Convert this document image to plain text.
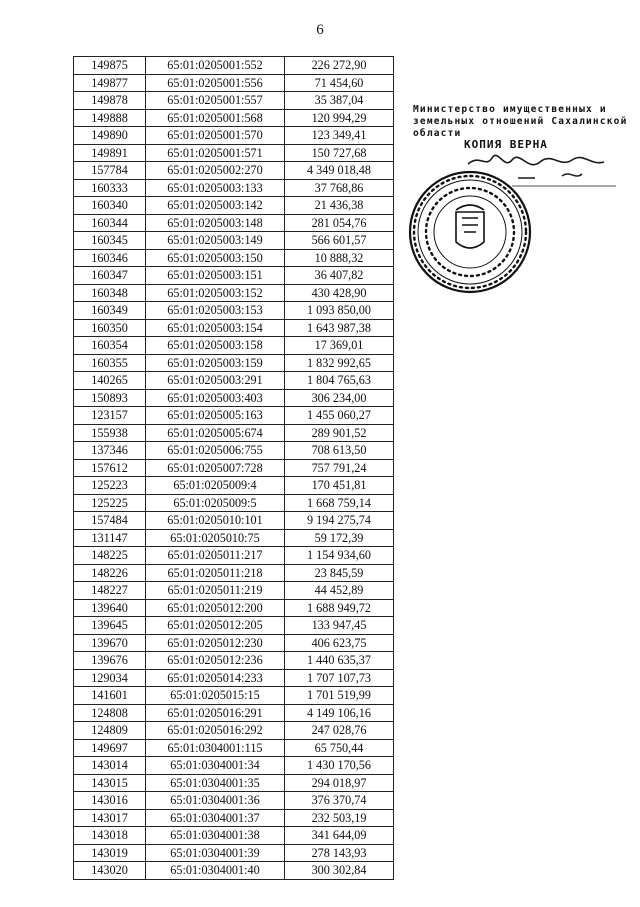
6
149875	65:01:0205001:552	226 272,90
149877	65:01:0205001:556	71 454,60
149878	65:01:0205001:557	35 387,04
149888	65:01:0205001:568	120 994,29
149890	65:01:0205001:570	123 349,41
149891	65:01:0205001:571	150 727,68
157784	65:01:0205002:270	4 349 018,48
160333	65:01:0205003:133	37 768,86
160340	65:01:0205003:142	21 436,38
160344	65:01:0205003:148	281 054,76
160345	65:01:0205003:149	566 601,57
160346	65:01:0205003:150	10 888,32
160347	65:01:0205003:151	36 407,82
160348	65:01:0205003:152	430 428,90
160349	65:01:0205003:153	1 093 850,00
160350	65:01:0205003:154	1 643 987,38
160354	65:01:0205003:158	17 369,01
160355	65:01:0205003:159	1 832 992,65
140265	65:01:0205003:291	1 804 765,63
150893	65:01:0205003:403	306 234,00
123157	65:01:0205005:163	1 455 060,27
155938	65:01:0205005:674	289 901,52
137346	65:01:0205006:755	708 613,50
157612	65:01:0205007:728	757 791,24
125223	65:01:0205009:4	170 451,81
125225	65:01:0205009:5	1 668 759,14
157484	65:01:0205010:101	9 194 275,74
131147	65:01:0205010:75	59 172,39
148225	65:01:0205011:217	1 154 934,60
148226	65:01:0205011:218	23 845,59
148227	65:01:0205011:219	44 452,89
139640	65:01:0205012:200	1 688 949,72
139645	65:01:0205012:205	133 947,45
139670	65:01:0205012:230	406 623,75
139676	65:01:0205012:236	1 440 635,37
129034	65:01:0205014:233	1 707 107,73
141601	65:01:0205015:15	1 701 519,99
124808	65:01:0205016:291	4 149 106,16
124809	65:01:0205016:292	247 028,76
149697	65:01:0304001:115	65 750,44
143014	65:01:0304001:34	1 430 170,56
143015	65:01:0304001:35	294 018,97
143016	65:01:0304001:36	376 370,74
143017	65:01:0304001:37	232 503,19
143018	65:01:0304001:38	341 644,09
143019	65:01:0304001:39	278 143,93
143020	65:01:0304001:40	300 302,84
Министерство имущественных и
земельных отношений Сахалинской
области
КОПИЯ ВЕРНА
